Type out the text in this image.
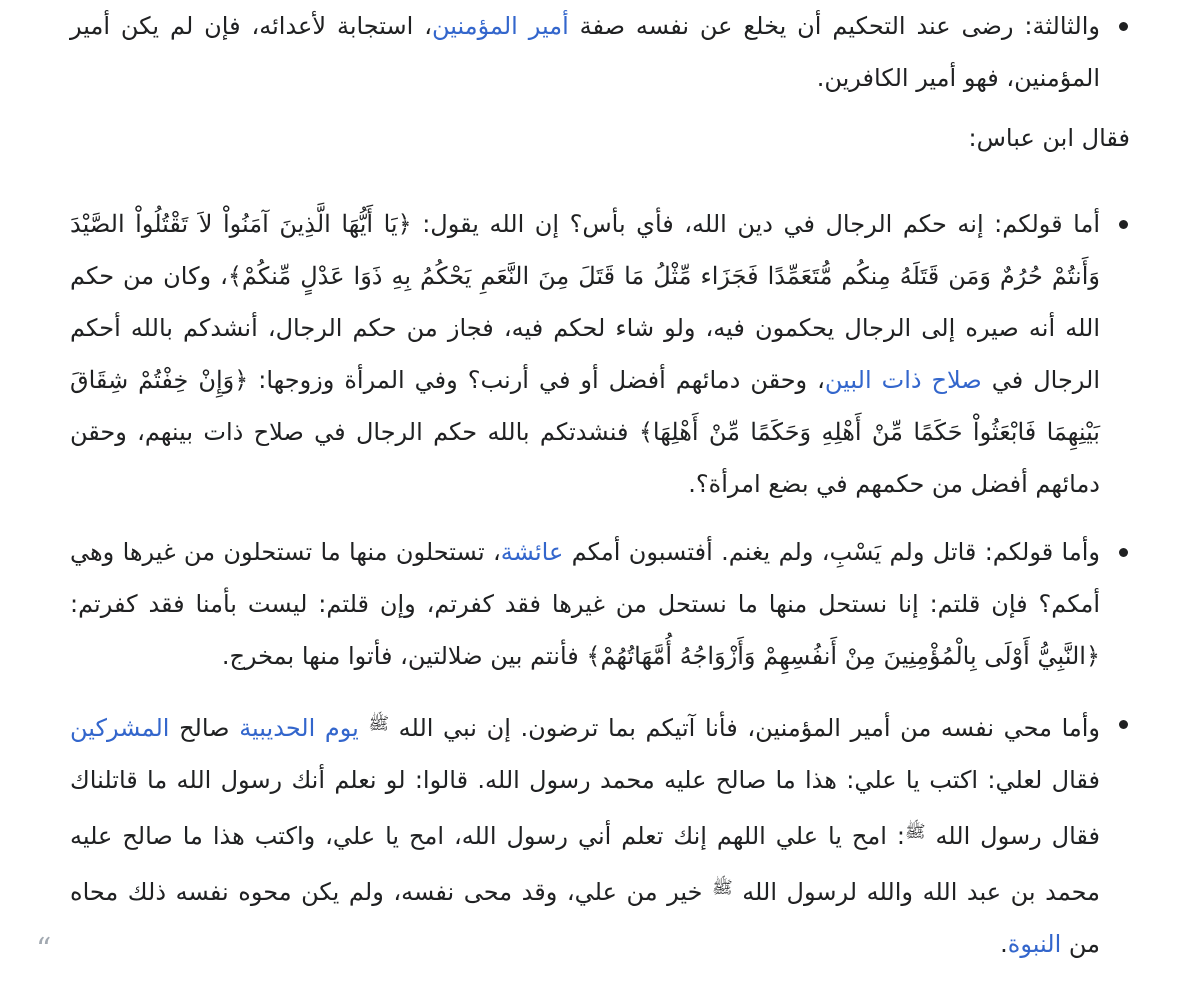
والثالثة: رضى عند التحكيم أن يخلع عن نفسه صفة أمير المؤمنين، استجابة لأعدائه، فإن لم يكن أمير المؤمنين، فهو أمير الكافرين.

فقال ابن عباس:

أما قولكم: إنه حكم الرجال في دين الله، فأي بأس؟ إن الله يقول: ﴿يَا أَيُّهَا الَّذِينَ آمَنُواْ لاَ تَقْتُلُواْ الصَّيْدَ وَأَنتُمْ حُرُمٌ وَمَن قَتَلَهُ مِنكُم مُّتَعَمِّدًا فَجَزَاء مِّثْلُ مَا قَتَلَ مِنَ النَّعَمِ يَحْكُمُ بِهِ ذَوَا عَدْلٍ مِّنكُمْ﴾، وكان من حكم الله أنه صيره إلى الرجال يحكمون فيه، ولو شاء لحكم فيه، فجاز من حكم الرجال، أنشدكم بالله أحكم الرجال في صلاح ذات البين، وحقن دمائهم أفضل أو في أرنب؟ وفي المرأة وزوجها: ﴿وَإِنْ خِفْتُمْ شِقَاقَ بَيْنِهِمَا فَابْعَثُواْ حَكَمًا مِّنْ أَهْلِهِ وَحَكَمًا مِّنْ أَهْلِهَا﴾ فنشدتكم بالله حكم الرجال في صلاح ذات بينهم، وحقن دمائهم أفضل من حكمهم في بضع امرأة؟.
وأما قولكم: قاتل ولم يَسْبِ، ولم يغنم. أفتسبون أمكم عائشة، تستحلون منها ما تستحلون من غيرها وهي أمكم؟ فإن قلتم: إنا نستحل منها ما نستحل من غيرها فقد كفرتم، وإن قلتم: ليست بأمنا فقد كفرتم: ﴿النَّبِيُّ أَوْلَى بِالْمُؤْمِنِينَ مِنْ أَنفُسِهِمْ وَأَزْوَاجُهُ أُمَّهَاتُهُمْ﴾ فأنتم بين ضلالتين، فأتوا منها بمخرج.
وأما محي نفسه من أمير المؤمنين، فأنا آتيكم بما ترضون. إن نبي الله $^ﷺ$ يوم الحديبية صالح المشركين فقال لعلي: اكتب يا علي: هذا ما صالح عليه محمد رسول الله. قالوا: لو نعلم أنك رسول الله ما قاتلناك فقال رسول الله $^ﷺ$: امح يا علي اللهم إنك تعلم أني رسول الله، امح يا علي، واكتب هذا ما صالح عليه محمد بن عبد الله والله لرسول الله $^ﷺ$ خير من علي، وقد محى نفسه، ولم يكن محوه نفسه ذلك محاه من النبوة.
“
